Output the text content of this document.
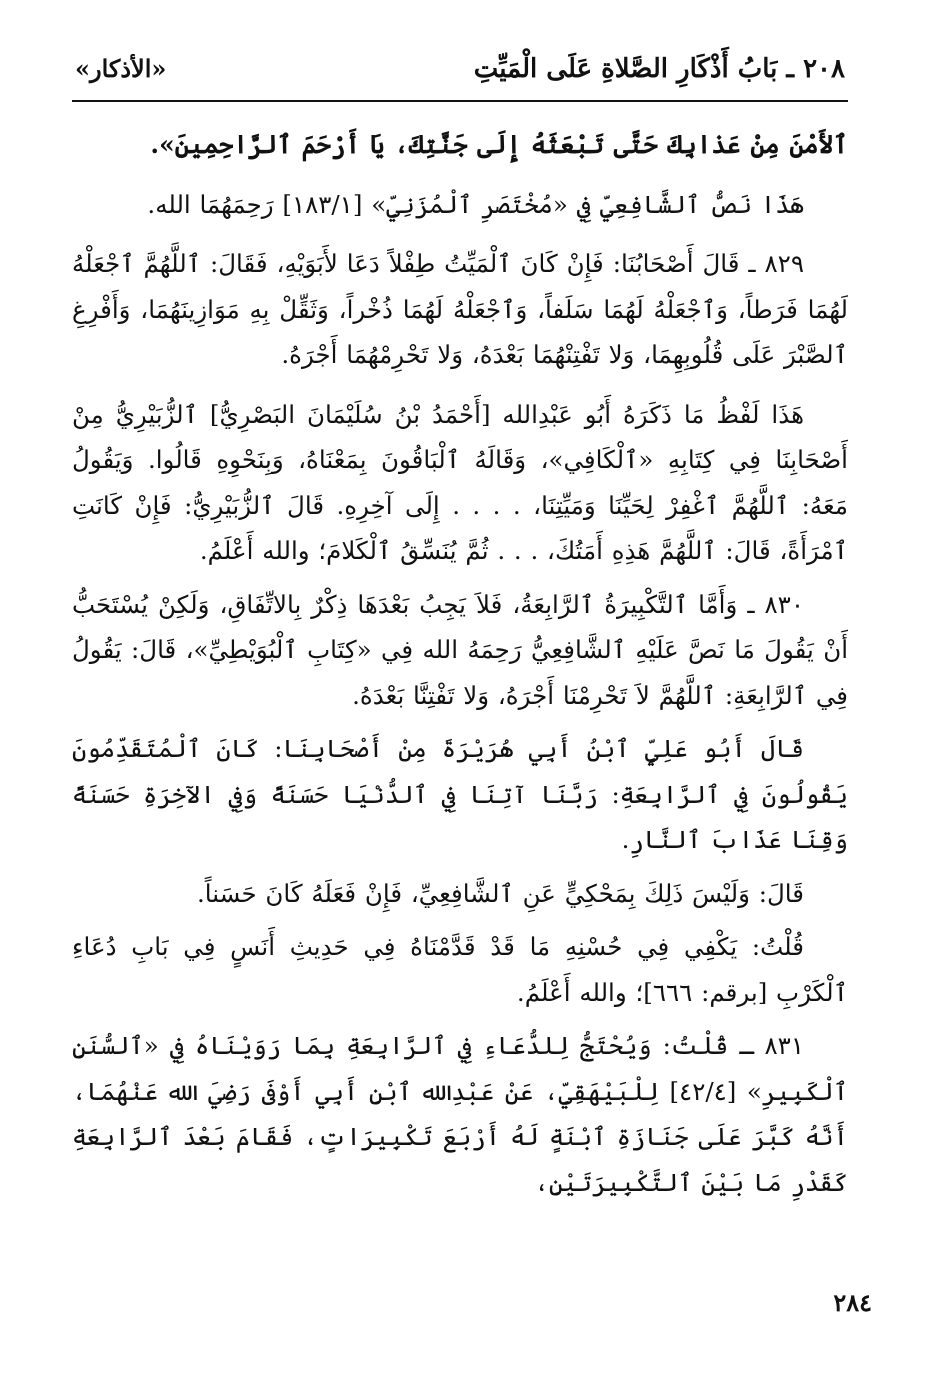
٢٠٨ ـ بَابُ أَذْكَارِ الصَّلاةِ عَلَى الْمَيِّتِ
«الأذكار»

ٱلأَمْنَ مِنْ عَذابِكَ حَتَّى تَبْعَثَهُ إِلَى جَنَّتِكَ، يَا أَرْحَمَ ٱلرَّاحِمِينَ».

هَذَا نَصُّ ٱلشَّافِعِيِّ فِي «مُخْتَصَرِ ٱلْمُزَنِيِّ» [١٨٣/١] رَحِمَهُمَا الله.

٨٢٩ ـ قَالَ أَصْحَابُنَا: فَإِنْ كَانَ ٱلْمَيِّتُ طِفْلاً دَعَا لأَبَوَيْهِ، فَقَالَ: ٱللَّهُمَّ ٱجْعَلْهُ لَهُمَا فَرَطاً، وَٱجْعَلْهُ لَهُمَا سَلَفاً، وَٱجْعَلْهُ لَهُمَا ذُخْراً، وَثَقِّلْ بِهِ مَوَازِينَهُمَا، وَأَفْرِغِ ٱلصَّبْرَ عَلَى قُلُوبِهِمَا، وَلا تَفْتِنْهُمَا بَعْدَهُ، وَلا تَحْرِمْهُمَا أَجْرَهُ.

هَذَا لَفْظُ مَا ذَكَرَهُ أَبُو عَبْدِالله [أَحْمَدُ بْنُ سُلَيْمَانَ البَصْرِيُّ] ٱلزُّبَيْرِيُّ مِنْ أَصْحَابِنَا فِي كِتَابِهِ «ٱلْكَافِي»، وَقَالَهُ ٱلْبَاقُونَ بِمَعْنَاهُ، وَبِنَحْوِهِ قَالُوا. وَيَقُولُ مَعَهُ: ٱللَّهُمَّ ٱغْفِرْ لِحَيِّنَا وَمَيِّتِنَا، . . . . إِلَى آخِرِهِ. قَالَ ٱلزُّبَيْرِيُّ: فَإِنْ كَانَتِ ٱمْرَأَةً، قَالَ: ٱللَّهُمَّ هَذِهِ أَمَتُكَ، . . . ثُمَّ يُنَسِّقُ ٱلْكَلامَ؛ والله أَعْلَمُ.

٨٣٠ ـ وَأَمَّا ٱلتَّكْبِيرَةُ ٱلرَّابِعَةُ، فَلاَ يَجِبُ بَعْدَهَا ذِكْرٌ بِالاتِّفَاقِ، وَلَكِنْ يُسْتَحَبُّ أَنْ يَقُولَ مَا نَصَّ عَلَيْهِ ٱلشَّافِعِيُّ رَحِمَهُ الله فِي «كِتَابِ ٱلْبُوَيْطِيِّ»، قَالَ: يَقُولُ فِي ٱلرَّابِعَةِ: ٱللَّهُمَّ لاَ تَحْرِمْنَا أَجْرَهُ، وَلا تَفْتِنَّا بَعْدَهُ.

قَالَ أَبُو عَلِيٍّ ٱبْنُ أَبِي هُرَيْرَةَ مِنْ أَصْحَابِنَا: كَانَ ٱلْمُتَقَدِّمُونَ يَقُولُونَ فِي ٱلرَّابِعَةِ: رَبَّنَا آتِنَا فِي ٱلدُّنْيَا حَسَنَةً وَفِي الآخِرَةِ حَسَنَةً وَقِنَا عَذَابَ ٱلنَّارِ.

قَالَ: وَلَيْسَ ذَلِكَ بِمَحْكِيٍّ عَنِ ٱلشَّافِعِيِّ، فَإِنْ فَعَلَهُ كَانَ حَسَناً.

قُلْتُ: يَكْفِي فِي حُسْنِهِ مَا قَدْ قَدَّمْنَاهُ فِي حَدِيثِ أَنَسٍ فِي بَابِ دُعَاءِ ٱلْكَرْبِ [برقم: ٦٦٦]؛ والله أَعْلَمُ.

٨٣١ ـ قُلْتُ: وَيُحْتَجُّ لِلدُّعَاءِ فِي ٱلرَّابِعَةِ بِمَا رَوَيْنَاهُ فِي «ٱلسُّنَنِ ٱلْكَبِيرِ» [٤٢/٤] لِلْبَيْهَقِيِّ، عَنْ عَبْدِالله ٱبْنِ أَبِي أَوْفَى رَضِيَ الله عَنْهُمَا، أَنَّهُ كَبَّرَ عَلَى جَنَازَةِ ٱبْنَةٍ لَهُ أَرْبَعَ تَكْبِيرَاتٍ، فَقَامَ بَعْدَ ٱلرَّابِعَةِ كَقَدْرِ مَا بَيْنَ ٱلتَّكْبِيرَتَيْنِ،

٢٨٤
